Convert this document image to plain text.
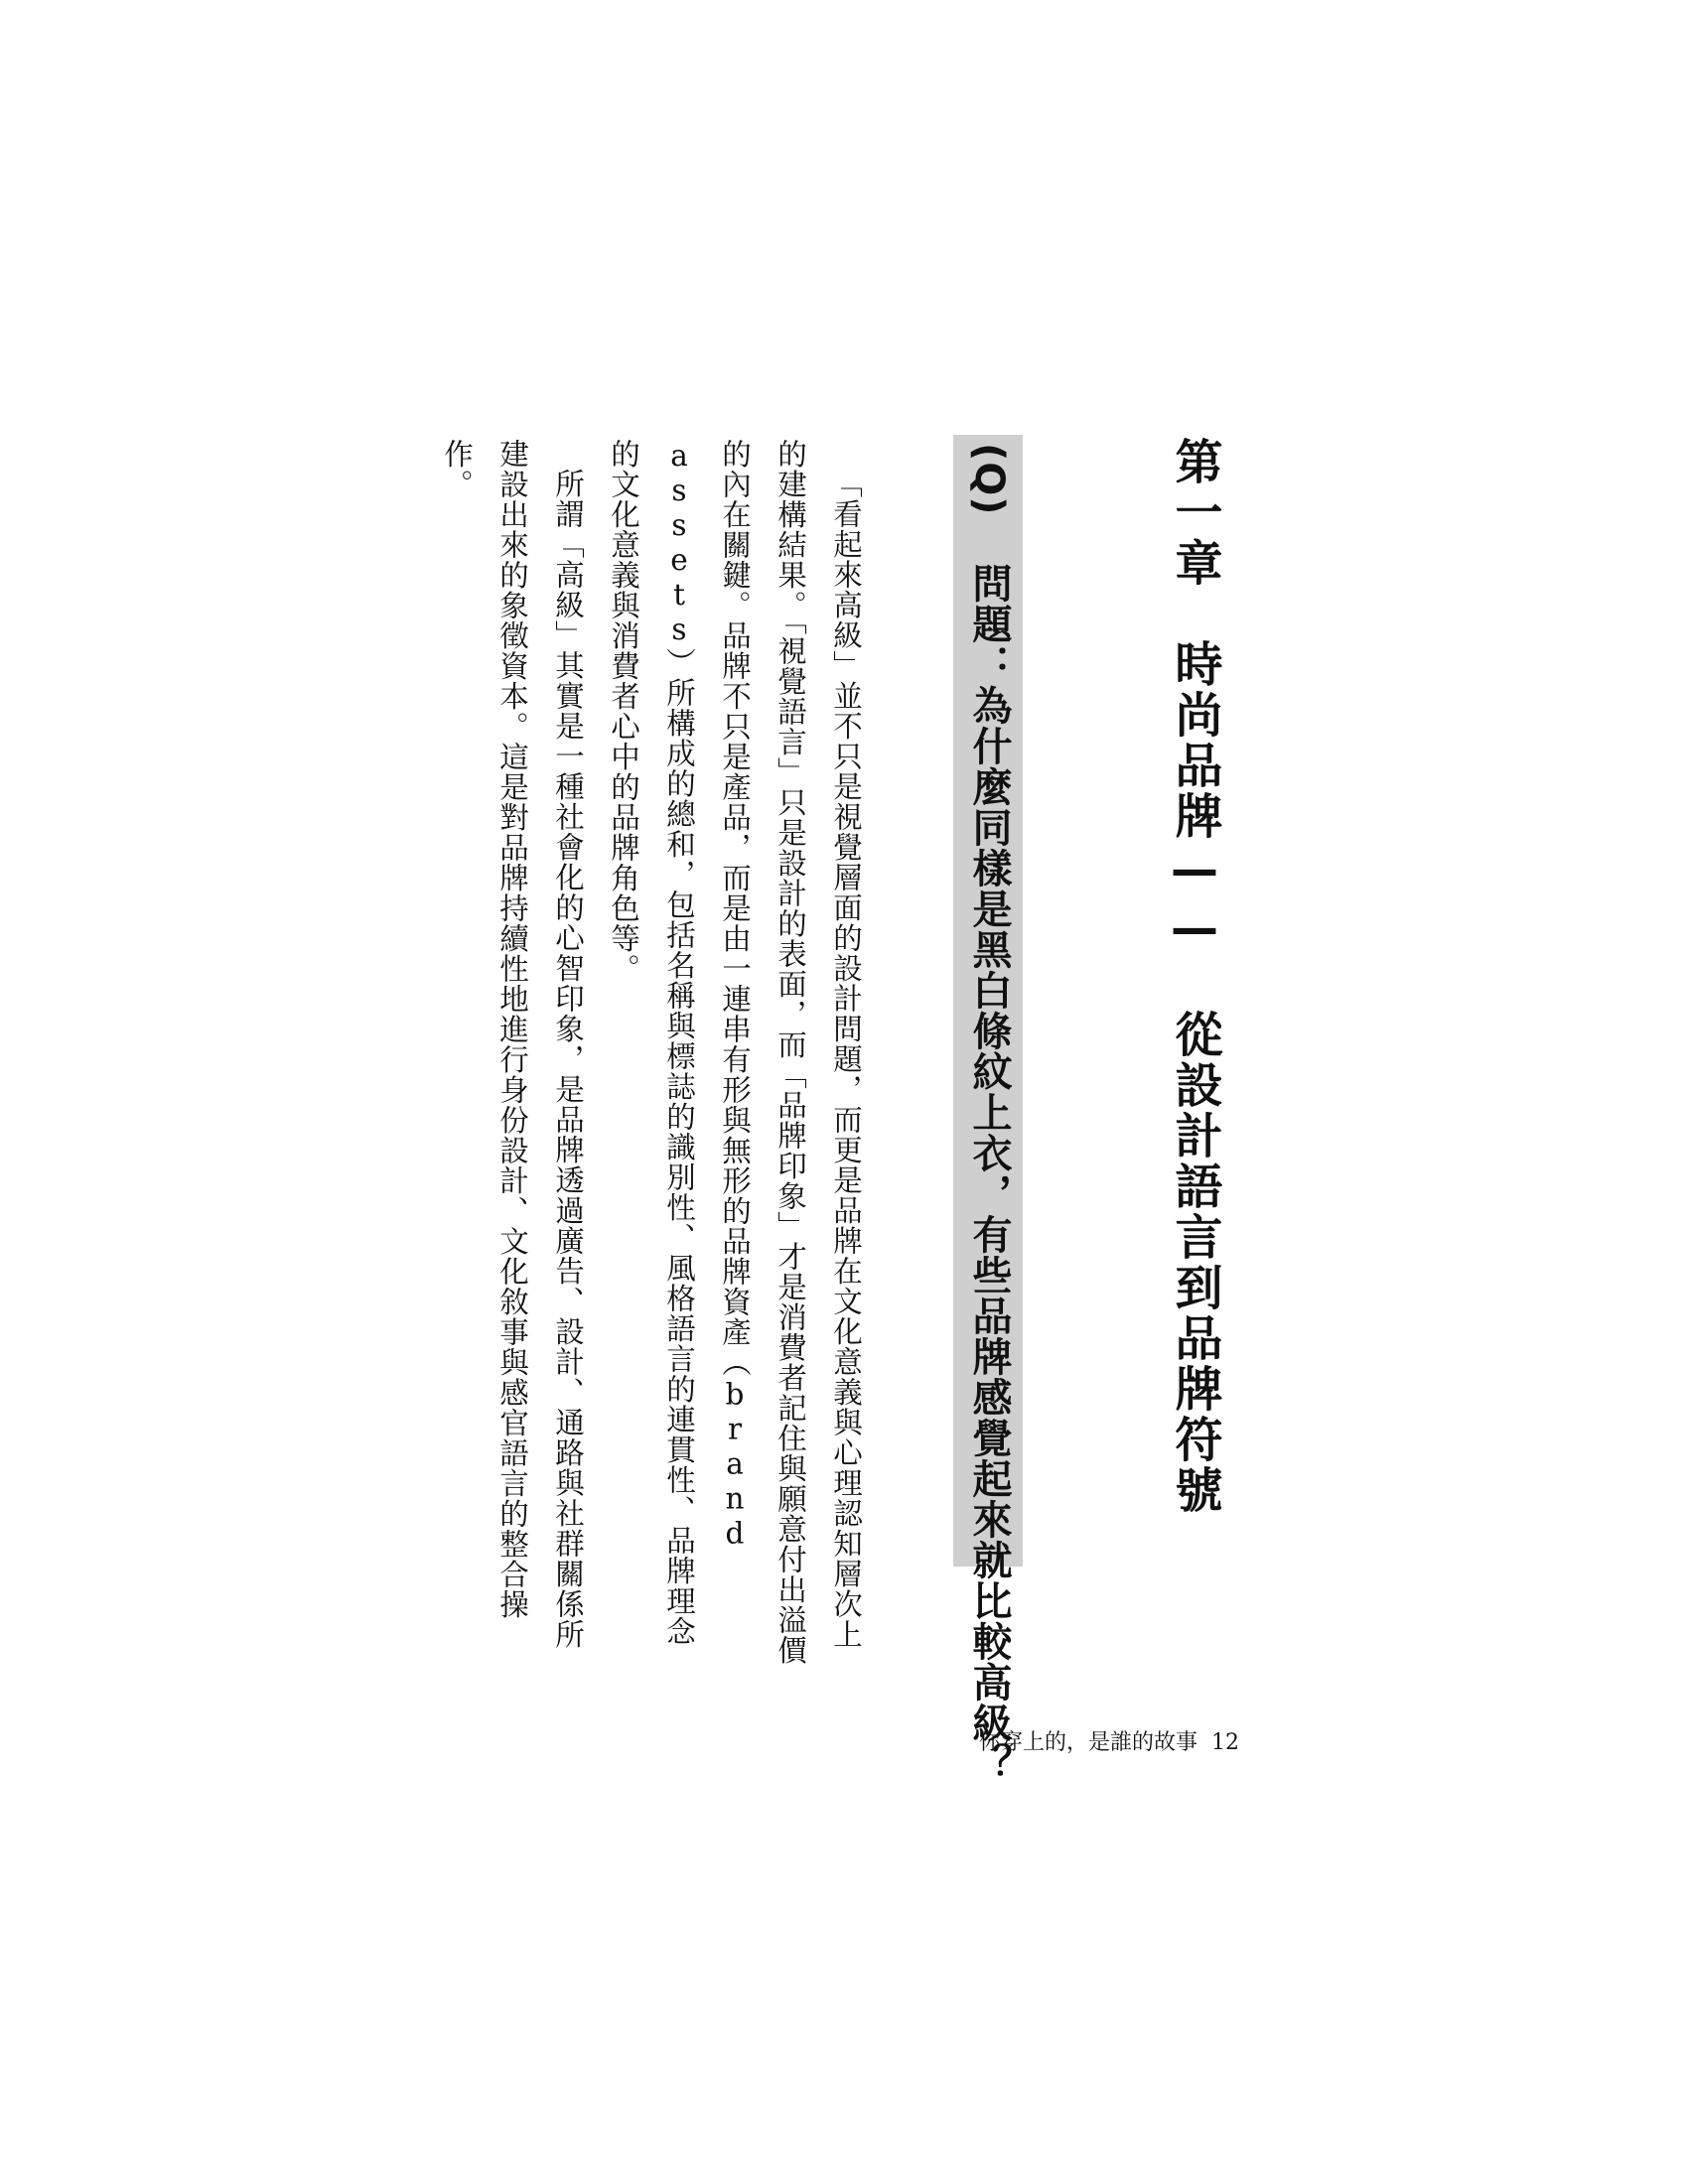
第一章　時尚品牌——　從設計語言到品牌符號
(Q) 問題：為什麼同樣是黑白條紋上衣，有些品牌感覺起來就比較高級？

「看起來高級」並不只是視覺層面的設計問題，而更是品牌在文化意義與心理認知層次上的建構結果。「視覺語言」只是設計的表面，而「品牌印象」才是消費者記住與願意付出溢價的內在關鍵。品牌不只是產品，而是由一連串有形與無形的品牌資產（brand assets）所構成的總和，包括名稱與標誌的識別性、風格語言的連貫性、品牌理念的文化意義與消費者心中的品牌角色等。

所謂「高級」其實是一種社會化的心智印象，是品牌透過廣告、設計、通路與社群關係所建設出來的象徵資本。這是對品牌持續性地進行身份設計、文化敘事與感官語言的整合操作。

你穿上的，是誰的故事 12
